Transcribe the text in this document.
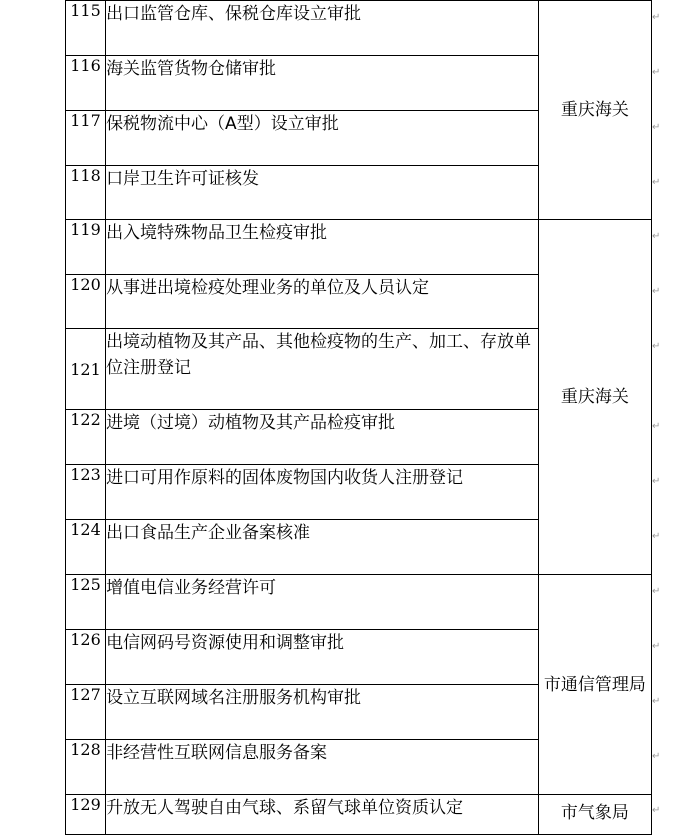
115	出口监管仓库、保税仓库设立审批	重庆海关
116	海关监管货物仓储审批	
117	保税物流中心（A型）设立审批	
118	口岸卫生许可证核发	
119	出入境特殊物品卫生检疫审批	重庆海关
120	从事进出境检疫处理业务的单位及人员认定	
121	出境动植物及其产品、其他检疫物的生产、加工、存放单位注册登记	
122	进境（过境）动植物及其产品检疫审批	
123	进口可用作原料的固体废物国内收货人注册登记	
124	出口食品生产企业备案核准	
125	增值电信业务经营许可	市通信管理局
126	电信网码号资源使用和调整审批	
127	设立互联网域名注册服务机构审批	
128	非经营性互联网信息服务备案	
129	升放无人驾驶自由气球、系留气球单位资质认定	市气象局
↵
↵
↵
↵
↵
↵
↵
↵
↵
↵
↵
↵
↵
↵
↵
